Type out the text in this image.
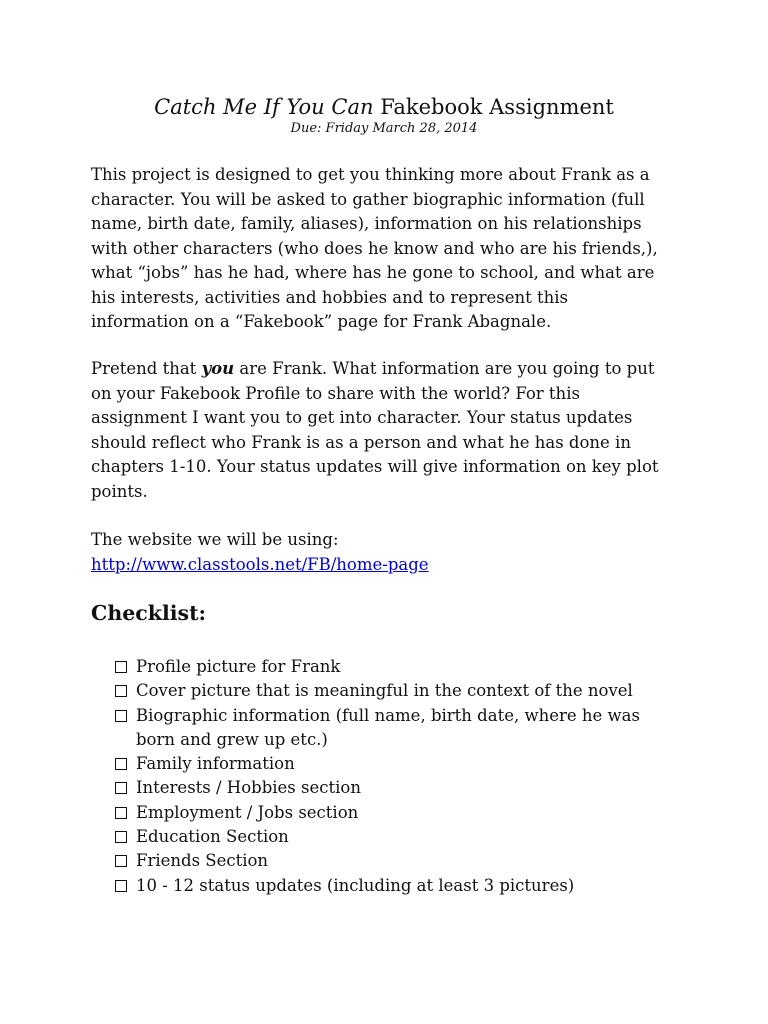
Catch Me If You Can Fakebook Assignment
Due: Friday March 28, 2014

This project is designed to get you thinking more about Frank as a
character. You will be asked to gather biographic information (full
name, birth date, family, aliases), information on his relationships
with other characters (who does he know and who are his friends,),
what “jobs” has he had, where has he gone to school, and what are
his interests, activities and hobbies and to represent this
information on a “Fakebook” page for Frank Abagnale.

Pretend that you are Frank. What information are you going to put
on your Fakebook Profile to share with the world? For this
assignment I want you to get into character. Your status updates
should reflect who Frank is as a person and what he has done in
chapters 1-10. Your status updates will give information on key plot
points.

The website we will be using:
http://www.classtools.net/FB/home-page

Checklist:
Profile picture for Frank
Cover picture that is meaningful in the context of the novel
Biographic information (full name, birth date, where he was
born and grew up etc.)
Family information
Interests / Hobbies section
Employment / Jobs section
Education Section
Friends Section
10 - 12 status updates (including at least 3 pictures)
